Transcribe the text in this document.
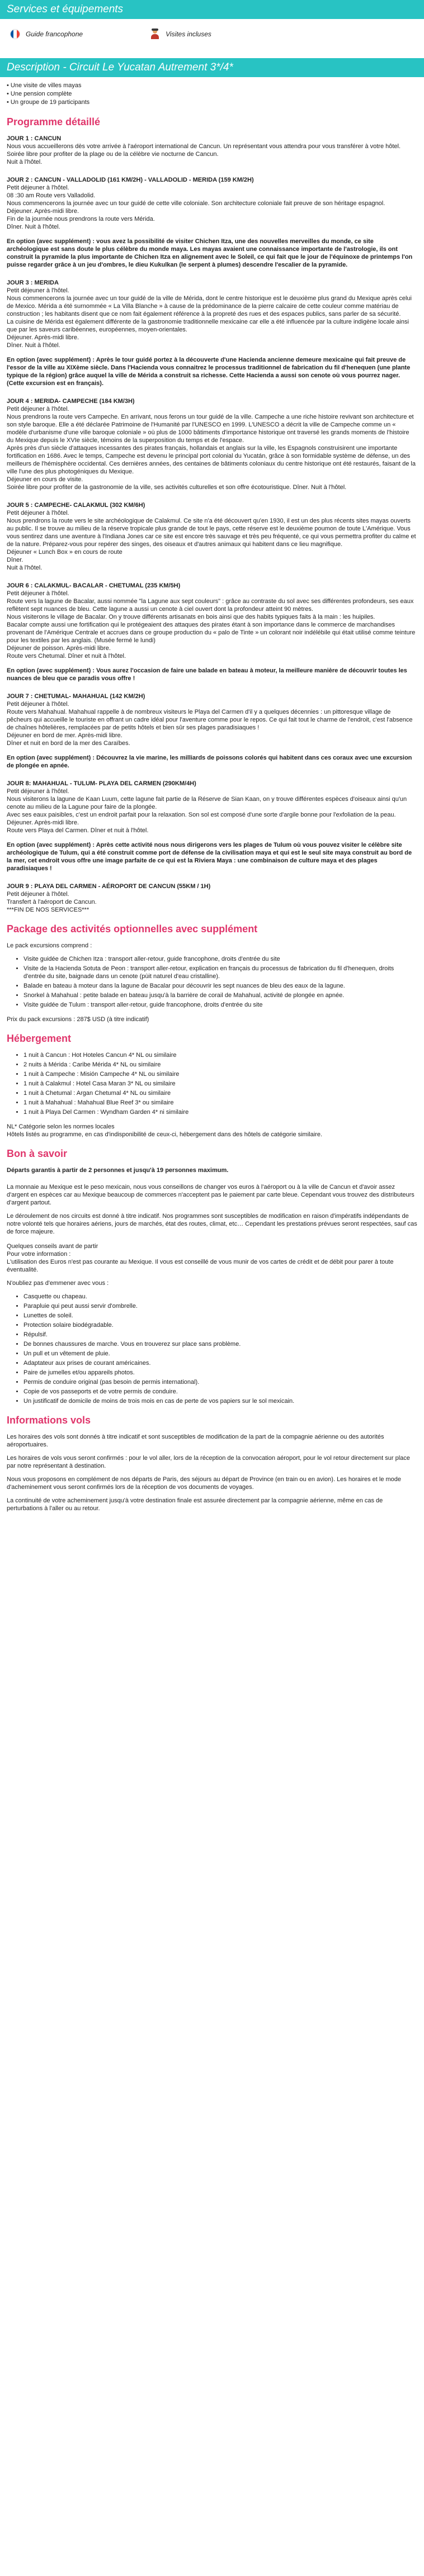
Services et équipements
Guide francophone	Visites incluses
Description - Circuit Le Yucatan Autrement 3*/4*

• Une visite de villes mayas

• Une pension complète

• Un groupe de 19 participants

Programme détaillé

JOUR 1 : CANCUN

Nous vous accueillerons dès votre arrivée à l'aéroport international de Cancun. Un représentant vous attendra pour vous transférer à votre hôtel. Soirée libre pour profiter de la plage ou de la célèbre vie nocturne de Cancun.

Nuit à l'hôtel.

JOUR 2 : CANCUN - VALLADOLID (161 KM/2H) - VALLADOLID - MERIDA (159 KM/2H)

Petit déjeuner à l'hôtel.

08 :30 am Route vers Valladolid.

Nous commencerons la journée avec un tour guidé de cette ville coloniale. Son architecture coloniale fait preuve de son héritage espagnol.

Déjeuner. Après-midi libre.

Fin de la journée nous prendrons la route vers Mérida.

Dîner. Nuit à l'hôtel.

En option (avec supplément) : vous avez la possibilité de visiter Chichen Itza, une des nouvelles merveilles du monde, ce site archéologique est sans doute le plus célèbre du monde maya. Les mayas avaient une connaissance importante de l'astrologie, ils ont construit la pyramide la plus importante de Chichen Itza en alignement avec le Soleil, ce qui fait que le jour de l'équinoxe de printemps l'on puisse regarder grâce à un jeu d'ombres, le dieu Kukulkan (le serpent à plumes) descendre l'escalier de la pyramide.

JOUR 3 : MERIDA

Petit déjeuner à l'hôtel.

Nous commencerons la journée avec un tour guidé de la ville de Mérida, dont le centre historique est le deuxième plus grand du Mexique après celui de Mexico. Mérida a été surnommée « La Villa Blanche » à cause de la prédominance de la pierre calcaire de cette couleur comme matériau de construction ; les habitants disent que ce nom fait également référence à la propreté des rues et des espaces publics, sans parler de sa sécurité.

La cuisine de Mérida est également différente de la gastronomie traditionnelle mexicaine car elle a été influencée par la culture indigène locale ainsi que par les saveurs caribéennes, européennes, moyen-orientales.

Déjeuner. Après-midi libre.

Dîner. Nuit à l'hôtel.

En option (avec supplément) : Après le tour guidé portez à la découverte d'une Hacienda ancienne demeure mexicaine qui fait preuve de l'essor de la ville au XIXème siècle. Dans l'Hacienda vous connaitrez le processus traditionnel de fabrication du fil d'henequen (une plante typique de la région) grâce auquel la ville de Mérida a construit sa richesse. Cette Hacienda a aussi son cenote où vous pourrez nager. (Cette excursion est en français).

JOUR 4 : MERIDA- CAMPECHE (184 KM/3H)

Petit déjeuner à l'hôtel.

Nous prendrons la route vers Campeche. En arrivant, nous ferons un tour guidé de la ville. Campeche a une riche histoire revivant son architecture et son style baroque. Elle a été déclarée Patrimoine de l'Humanité par l'UNESCO en 1999. L'UNESCO a décrit la ville de Campeche comme un « modèle d'urbanisme d'une ville baroque coloniale » où plus de 1000 bâtiments d'importance historique ont traversé les grands moments de l'histoire du Mexique depuis le XVIe siècle, témoins de la superposition du temps et de l'espace.

Après près d'un siècle d'attaques incessantes des pirates français, hollandais et anglais sur la ville, les Espagnols construisirent une importante fortification en 1686. Avec le temps, Campeche est devenu le principal port colonial du Yucatán, grâce à son formidable système de défense, un des meilleurs de l'hémisphère occidental. Ces dernières années, des centaines de bâtiments coloniaux du centre historique ont été restaurés, faisant de la ville l'une des plus photogéniques du Mexique.

Déjeuner en cours de visite.

Soirée libre pour profiter de la gastronomie de la ville, ses activités culturelles et son offre écotouristique. Dîner. Nuit à l'hôtel.

JOUR 5 : CAMPECHE- CALAKMUL (302 KM/6H)

Petit déjeuner à l'hôtel.

Nous prendrons la route vers le site archéologique de Calakmul. Ce site n'a été découvert qu'en 1930, il est un des plus récents sites mayas ouverts au public. Il se trouve au milieu de la réserve tropicale plus grande de tout le pays, cette réserve est le deuxième poumon de toute L'Amérique. Vous vous sentirez dans une aventure à l'Indiana Jones car ce site est encore très sauvage et très peu fréquenté, ce qui vous permettra profiter du calme et de la nature. Préparez-vous pour repérer des singes, des oiseaux et d'autres animaux qui habitent dans ce lieu magnifique.

Déjeuner « Lunch Box » en cours de route

Dîner.

Nuit à l'hôtel.

JOUR 6 : CALAKMUL- BACALAR - CHETUMAL (235 KM/5H)

Petit déjeuner à l'hôtel.

Route vers la lagune de Bacalar, aussi nommée "la Lagune aux sept couleurs" : grâce au contraste du sol avec ses différentes profondeurs, ses eaux reflètent sept nuances de bleu. Cette lagune a aussi un cenote à ciel ouvert dont la profondeur atteint 90 mètres.

Nous visiterons le village de Bacalar. On y trouve différents artisanats en bois ainsi que des habits typiques faits à la main : les huipiles.

Bacalar compte aussi une fortification qui le protégeaient des attaques des pirates étant à son importance dans le commerce de marchandises provenant de l'Amérique Centrale et accrues dans ce groupe production du « palo de Tinte » un colorant noir indélébile qui était utilisé comme teinture pour les textiles par les anglais. (Musée fermé le lundi)

Déjeuner de poisson. Après-midi libre.

Route vers Chetumal. Dîner et nuit à l'hôtel.

En option (avec supplément) : Vous aurez l'occasion de faire une balade en bateau à moteur, la meilleure manière de découvrir toutes les nuances de bleu que ce paradis vous offre !

JOUR 7 : CHETUMAL- MAHAHUAL (142 KM/2H)

Petit déjeuner à l'hôtel.

Route vers Mahahual. Mahahual rappelle à de nombreux visiteurs le Playa del Carmen d'il y a quelques décennies : un pittoresque village de pêcheurs qui accueille le touriste en offrant un cadre idéal pour l'aventure comme pour le repos. Ce qui fait tout le charme de l'endroit, c'est l'absence de chaînes hôtelières, remplacées par de petits hôtels et bien sûr ses plages paradisiaques !

Déjeuner en bord de mer. Après-midi libre.

Dîner et nuit en bord de la mer des Caraïbes.

En option (avec supplément) : Découvrez la vie marine, les milliards de poissons colorés qui habitent dans ces coraux avec une excursion de plongée en apnée.

JOUR 8: MAHAHUAL - TULUM- PLAYA DEL CARMEN (290KM/4H)

Petit déjeuner à l'hôtel.

Nous visiterons la lagune de Kaan Luum, cette lagune fait partie de la Réserve de Sian Kaan, on y trouve différentes espèces d'oiseaux ainsi qu'un cenote au milieu de la Lagune pour faire de la plongée.

Avec ses eaux paisibles, c'est un endroit parfait pour la relaxation. Son sol est composé d'une sorte d'argile bonne pour l'exfoliation de la peau.

Déjeuner. Après-midi libre.

Route vers Playa del Carmen. Dîner et nuit à l'hôtel.

En option (avec supplément) : Après cette activité nous nous dirigerons vers les plages de Tulum où vous pouvez visiter le célèbre site archéologique de Tulum, qui a été construit comme port de défense de la civilisation maya et qui est le seul site maya construit au bord de la mer, cet endroit vous offre une image parfaite de ce qui est la Riviera Maya : une combinaison de culture maya et des plages paradisiaques !

JOUR 9 : PLAYA DEL CARMEN - AÉROPORT DE CANCUN (55KM / 1H)

Petit déjeuner à l'hôtel.

Transfert à l'aéroport de Cancun.

***FIN DE NOS SERVICES***

Package des activités optionnelles avec supplément

Le pack excursions comprend :

• Visite guidée de Chichen Itza : transport aller-retour, guide francophone, droits d'entrée du site
• Visite de la Hacienda Sotuta de Peon : transport aller-retour, explication en français du processus de fabrication du fil d'henequen, droits d'entrée du site, baignade dans un cenote (pùit naturel d'eau cristalline).
• Balade en bateau à moteur dans la lagune de Bacalar pour découvrir les sept nuances de bleu des eaux de la lagune.
• Snorkel à Mahahual : petite balade en bateau jusqu'à la barrière de corail de Mahahual, activité de plongée en apnée.
• Visite guidée de Tulum : transport aller-retour, guide francophone, droits d'entrée du site

Prix du pack excursions : 287$ USD (à titre indicatif)

Hébergement
• 1 nuit à Cancun : Hot Hoteles Cancun 4* NL ou similaire
• 2 nuits à Mérida : Caribe Mérida 4* NL ou similaire
• 1 nuit à Campeche : Misión Campeche 4* NL ou similaire
• 1 nuit à Calakmul : Hotel Casa Maran 3* NL ou similaire
• 1 nuit à Chetumal : Argan Chetumal 4* NL ou similaire
• 1 nuit à Mahahual : Mahahual Blue Reef 3* ou similaire
• 1 nuit à Playa Del Carmen : Wyndham Garden 4* ni similaire

NL* Catégorie selon les normes locales

Hôtels listés au programme, en cas d'indisponibilité de ceux-ci, hébergement dans des hôtels de catégorie similaire.

Bon à savoir

Départs garantis à partir de 2 personnes et jusqu'à 19 personnes maximum.

La monnaie au Mexique est le peso mexicain, nous vous conseillons de changer vos euros à l'aéroport ou à la ville de Cancun et d'avoir assez d'argent en espèces car au Mexique beaucoup de commerces n'acceptent pas le paiement par carte bleue. Cependant vous trouvez des distributeurs d'argent partout.

Le déroulement de nos circuits est donné à titre indicatif. Nos programmes sont susceptibles de modification en raison d'impératifs indépendants de notre volonté tels que horaires aériens, jours de marchés, état des routes, climat, etc… Cependant les prestations prévues seront respectées, sauf cas de force majeure.

Quelques conseils avant de partir

Pour votre information :

L'utilisation des Euros n'est pas courante au Mexique. Il vous est conseillé de vous munir de vos cartes de crédit et de débit pour parer à toute éventualité.

N'oubliez pas d'emmener avec vous :

• Casquette ou chapeau.
• Parapluie qui peut aussi servir d'ombrelle.
• Lunettes de soleil.
• Protection solaire biodégradable.
• Répulsif.
• De bonnes chaussures de marche. Vous en trouverez sur place sans problème.
• Un pull et un vêtement de pluie.
• Adaptateur aux prises de courant américaines.
• Paire de jumelles et/ou appareils photos.
• Permis de conduire original (pas besoin de permis international).
• Copie de vos passeports et de votre permis de conduire.
• Un justificatif de domicile de moins de trois mois en cas de perte de vos papiers sur le sol mexicain.
Informations vols

Les horaires des vols sont donnés à titre indicatif et sont susceptibles de modification de la part de la compagnie aérienne ou des autorités aéroportuaires.

Les horaires de vols vous seront confirmés : pour le vol aller, lors de la réception de la convocation aéroport, pour le vol retour directement sur place par notre représentant à destination.

Nous vous proposons en complément de nos départs de Paris, des séjours au départ de Province (en train ou en avion). Les horaires et le mode d'acheminement vous seront confirmés lors de la réception de vos documents de voyages.

La continuité de votre acheminement jusqu'à votre destination finale est assurée directement par la compagnie aérienne, même en cas de perturbations à l'aller ou au retour.
